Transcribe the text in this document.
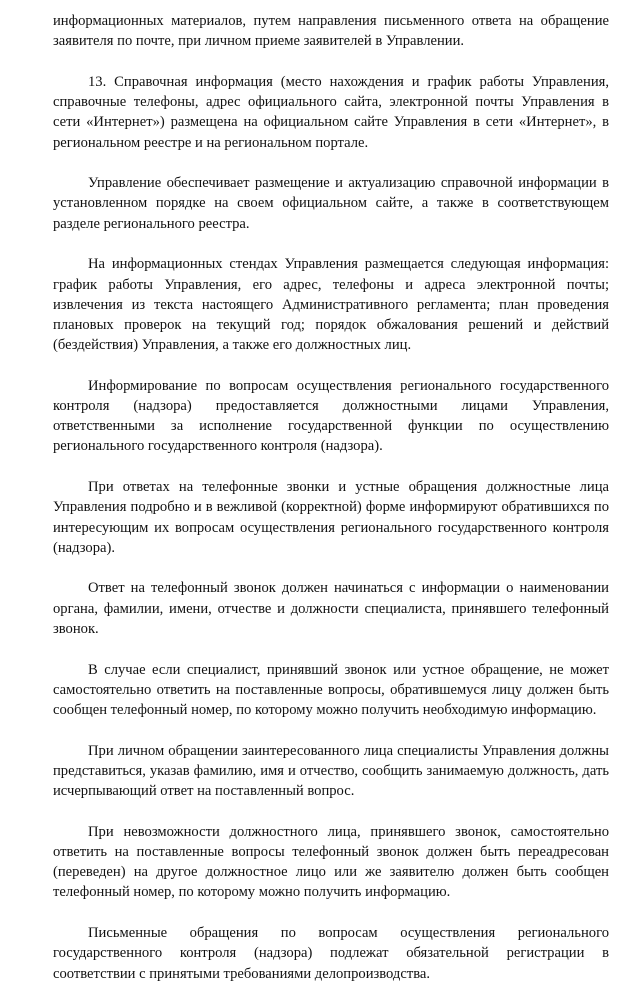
информационных материалов, путем направления письменного ответа на обращение заявителя по почте, при личном приеме заявителей в Управлении.

13. Справочная информация (место нахождения и график работы Управления, справочные телефоны, адрес официального сайта, электронной почты Управления в сети «Интернет») размещена на официальном сайте Управления в сети «Интернет», в региональном реестре и на региональном портале.

Управление обеспечивает размещение и актуализацию справочной информации в установленном порядке на своем официальном сайте, а также в соответствующем разделе регионального реестра.

На информационных стендах Управления размещается следующая информация: график работы Управления, его адрес, телефоны и адреса электронной почты; извлечения из текста настоящего Административного регламента; план проведения плановых проверок на текущий год; порядок обжалования решений и действий (бездействия) Управления, а также его должностных лиц.

Информирование по вопросам осуществления регионального государственного контроля (надзора) предоставляется должностными лицами Управления, ответственными за исполнение государственной функции по осуществлению регионального государственного контроля (надзора).

При ответах на телефонные звонки и устные обращения должностные лица Управления подробно и в вежливой (корректной) форме информируют обратившихся по интересующим их вопросам осуществления регионального государственного контроля (надзора).

Ответ на телефонный звонок должен начинаться с информации о наименовании органа, фамилии, имени, отчестве и должности специалиста, принявшего телефонный звонок.

В случае если специалист, принявший звонок или устное обращение, не может самостоятельно ответить на поставленные вопросы, обратившемуся лицу должен быть сообщен телефонный номер, по которому можно получить необходимую информацию.

При личном обращении заинтересованного лица специалисты Управления должны представиться, указав фамилию, имя и отчество, сообщить занимаемую должность, дать исчерпывающий ответ на поставленный вопрос.

При невозможности должностного лица, принявшего звонок, самостоятельно ответить на поставленные вопросы телефонный звонок должен быть переадресован (переведен) на другое должностное лицо или же заявителю должен быть сообщен телефонный номер, по которому можно получить информацию.

Письменные обращения по вопросам осуществления регионального государственного контроля (надзора) подлежат обязательной регистрации в соответствии с принятыми требованиями делопроизводства.
